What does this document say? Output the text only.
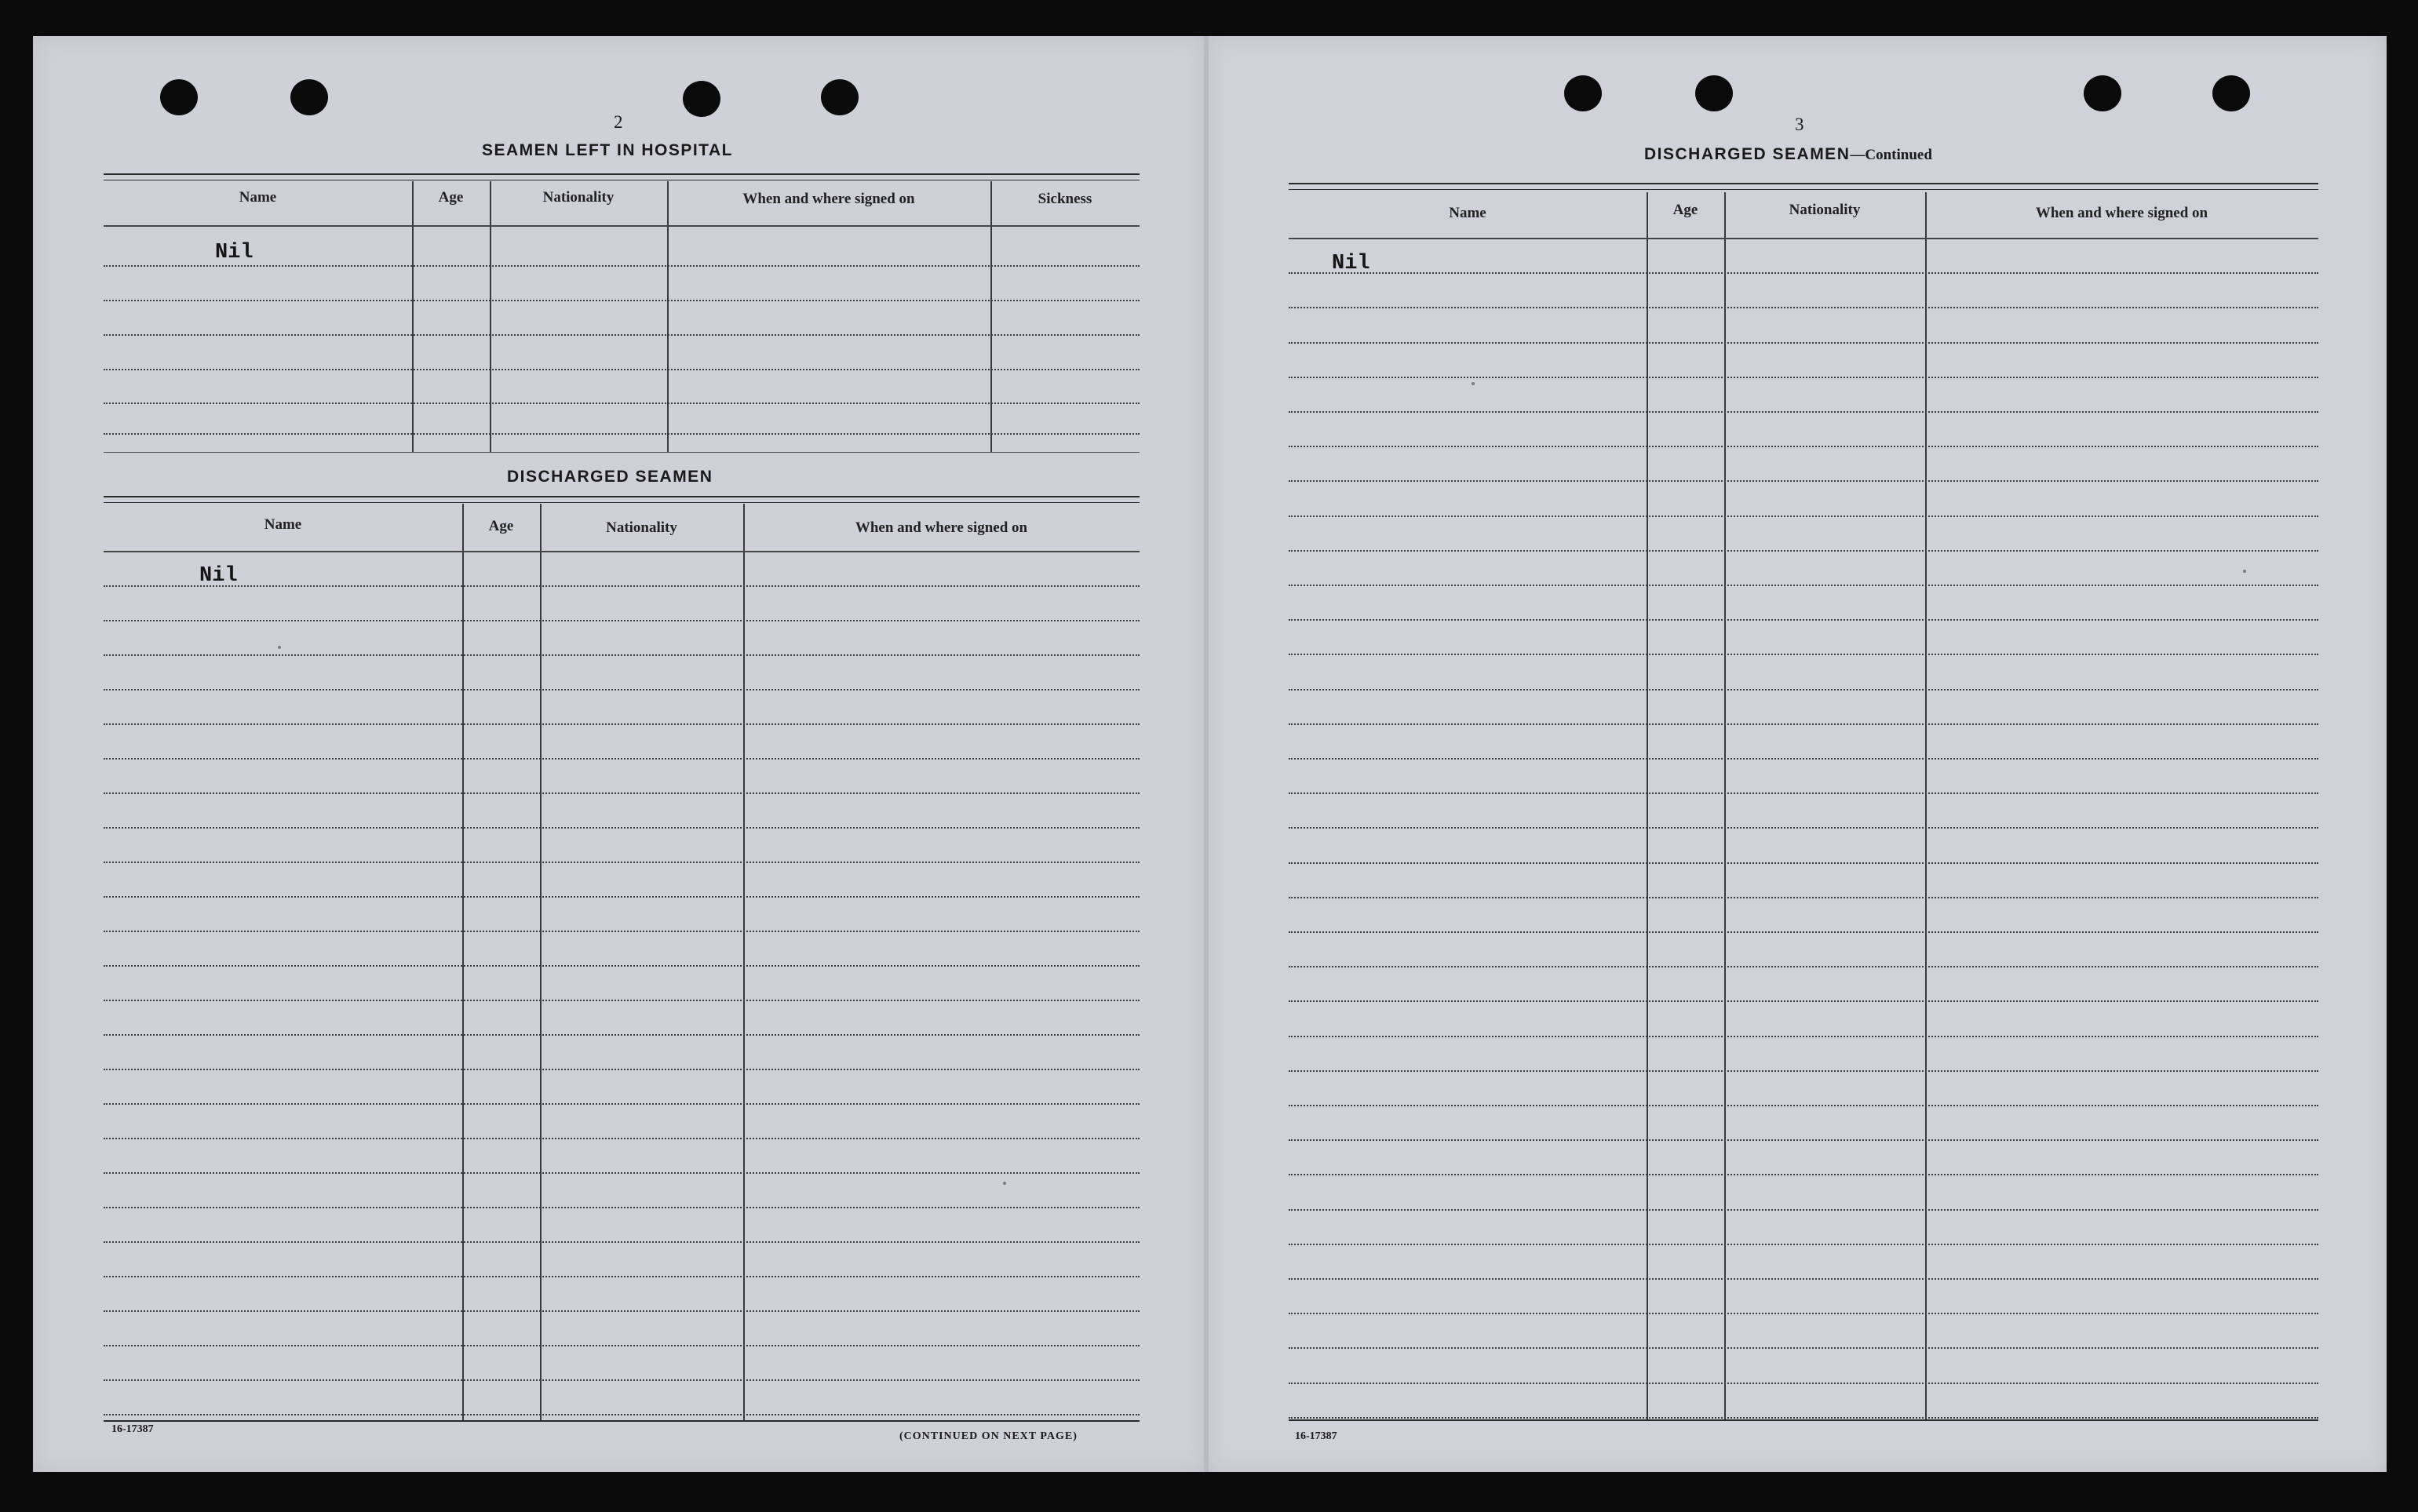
2
SEAMEN LEFT IN HOSPITAL
Name	Age	Nationality	When and where signed on	Sickness
Nil
DISCHARGED SEAMEN
Name	Age	Nationality	When and where signed on
Nil
16-17387
(CONTINUED ON NEXT PAGE)
3
DISCHARGED SEAMEN—Continued
Name	Age	Nationality	When and where signed on
Nil
16-17387
